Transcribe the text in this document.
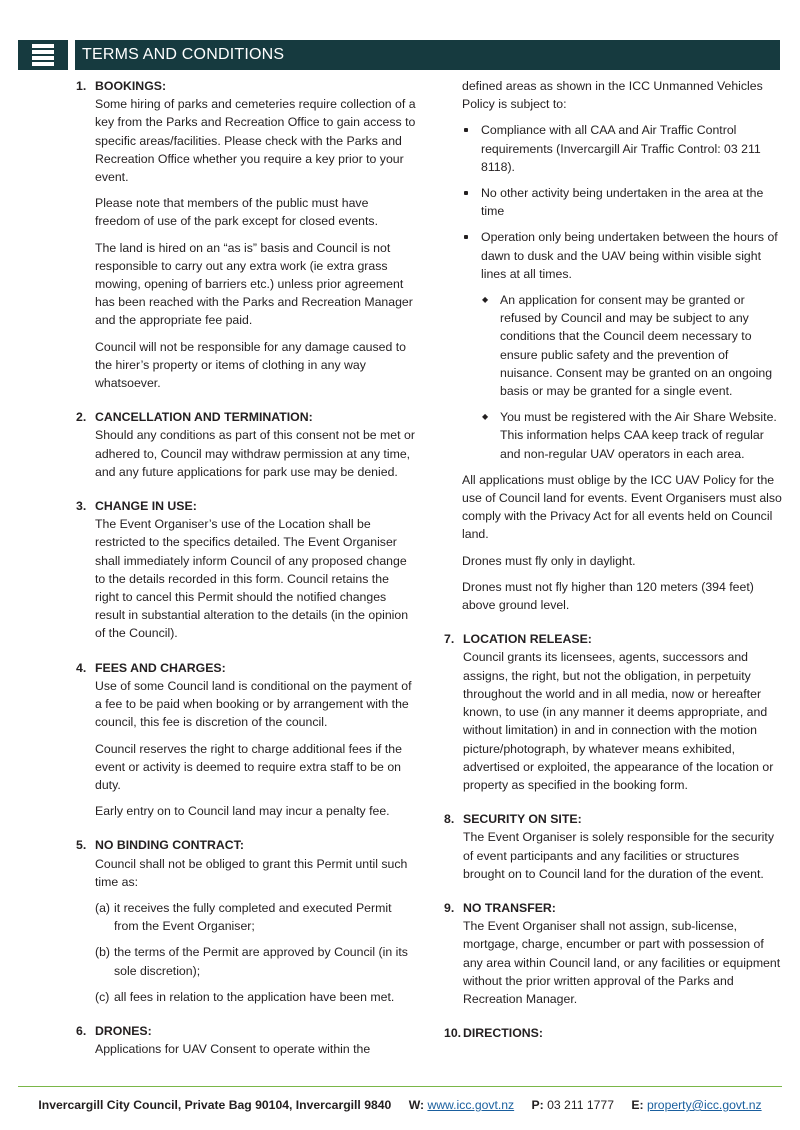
TERMS AND CONDITIONS
1. BOOKINGS:

Some hiring of parks and cemeteries require collection of a key from the Parks and Recreation Office to gain access to specific areas/facilities. Please check with the Parks and Recreation Office whether you require a key prior to your event.

Please note that members of the public must have freedom of use of the park except for closed events.

The land is hired on an “as is” basis and Council is not responsible to carry out any extra work (ie extra grass mowing, opening of barriers etc.) unless prior agreement has been reached with the Parks and Recreation Manager and the appropriate fee paid.

Council will not be responsible for any damage caused to the hirer’s property or items of clothing in any way whatsoever.

2. CANCELLATION AND TERMINATION:

Should any conditions as part of this consent not be met or adhered to, Council may withdraw permission at any time, and any future applications for park use may be denied.

3. CHANGE IN USE:

The Event Organiser’s use of the Location shall be restricted to the specifics detailed. The Event Organiser shall immediately inform Council of any proposed change to the details recorded in this form. Council retains the right to cancel this Permit should the notified changes result in substantial alteration to the details (in the opinion of the Council).

4. FEES AND CHARGES:

Use of some Council land is conditional on the payment of a fee to be paid when booking or by arrangement with the council, this fee is discretion of the council.

Council reserves the right to charge additional fees if the event or activity is deemed to require extra staff to be on duty.

Early entry on to Council land may incur a penalty fee.

5. NO BINDING CONTRACT:

Council shall not be obliged to grant this Permit until such time as:

(a) it receives the fully completed and executed Permit from the Event Organiser;
(b) the terms of the Permit are approved by Council (in its sole discretion);
(c) all fees in relation to the application have been met.
6. DRONES:

Applications for UAV Consent to operate within the

defined areas as shown in the ICC Unmanned Vehicles Policy is subject to:

Compliance with all CAA and Air Traffic Control requirements (Invercargill Air Traffic Control: 03 211 8118).
No other activity being undertaken in the area at the time
Operation only being undertaken between the hours of dawn to dusk and the UAV being within visible sight lines at all times.
◆ An application for consent may be granted or refused by Council and may be subject to any conditions that the Council deem necessary to ensure public safety and the prevention of nuisance. Consent may be granted on an ongoing basis or may be granted for a single event.
◆ You must be registered with the Air Share Website. This information helps CAA keep track of regular and non-regular UAV operators in each area.

All applications must oblige by the ICC UAV Policy for the use of Council land for events. Event Organisers must also comply with the Privacy Act for all events held on Council land.

Drones must fly only in daylight.

Drones must not fly higher than 120 meters (394 feet) above ground level.

7. LOCATION RELEASE:

Council grants its licensees, agents, successors and assigns, the right, but not the obligation, in perpetuity throughout the world and in all media, now or hereafter known, to use (in any manner it deems appropriate, and without limitation) in and in connection with the motion picture/photograph, by whatever means exhibited, advertised or exploited, the appearance of the location or property as specified in the booking form.

8. SECURITY ON SITE:

The Event Organiser is solely responsible for the security of event participants and any facilities or structures brought on to Council land for the duration of the event.

9. NO TRANSFER:

The Event Organiser shall not assign, sub-license, mortgage, charge, encumber or part with possession of any area within Council land, or any facilities or equipment without the prior written approval of the Parks and Recreation Manager.

10. DIRECTIONS:
Invercargill City Council, Private Bag 90104, Invercargill 9840 W: www.icc.govt.nz P: 03 211 1777 E: property@icc.govt.nz
